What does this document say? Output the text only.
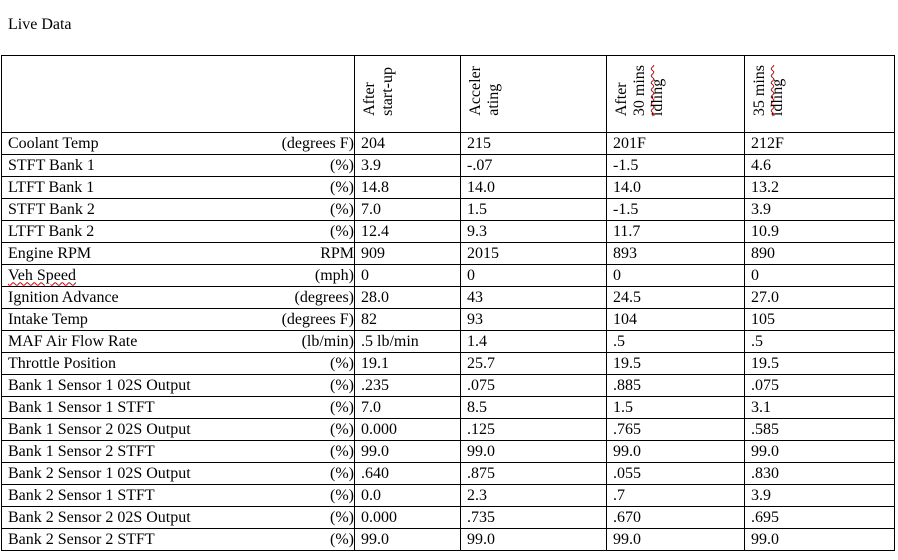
Live Data

	After start-up	Acceler ating	After 30 mins idling	35 mins idling

Coolant Temp (degrees F)	204	215	201F	212F

STFT Bank 1 (%)	3.9	-.07	-1.5	4.6

LTFT Bank 1 (%)	14.8	14.0	14.0	13.2

STFT Bank 2 (%)	7.0	1.5	-1.5	3.9

LTFT Bank 2 (%)	12.4	9.3	11.7	10.9

Engine RPM RPM	909	2015	893	890

Veh Speed (mph)	0	0	0	0

Ignition Advance (degrees)	28.0	43	24.5	27.0

Intake Temp (degrees F)	82	93	104	105

MAF Air Flow Rate (lb/min)	.5 lb/min	1.4	.5	.5

Throttle Position (%)	19.1	25.7	19.5	19.5

Bank 1 Sensor 1 02S Output (%)	.235	.075	.885	.075

Bank 1 Sensor 1 STFT (%)	7.0	8.5	1.5	3.1

Bank 1 Sensor 2 02S Output (%)	0.000	.125	.765	.585

Bank 1 Sensor 2 STFT (%)	99.0	99.0	99.0	99.0

Bank 2 Sensor 1 02S Output (%)	.640	.875	.055	.830

Bank 2 Sensor 1 STFT (%)	0.0	2.3	.7	3.9

Bank 2 Sensor 2 02S Output (%)	0.000	.735	.670	.695

Bank 2 Sensor 2 STFT (%)	99.0	99.0	99.0	99.0
